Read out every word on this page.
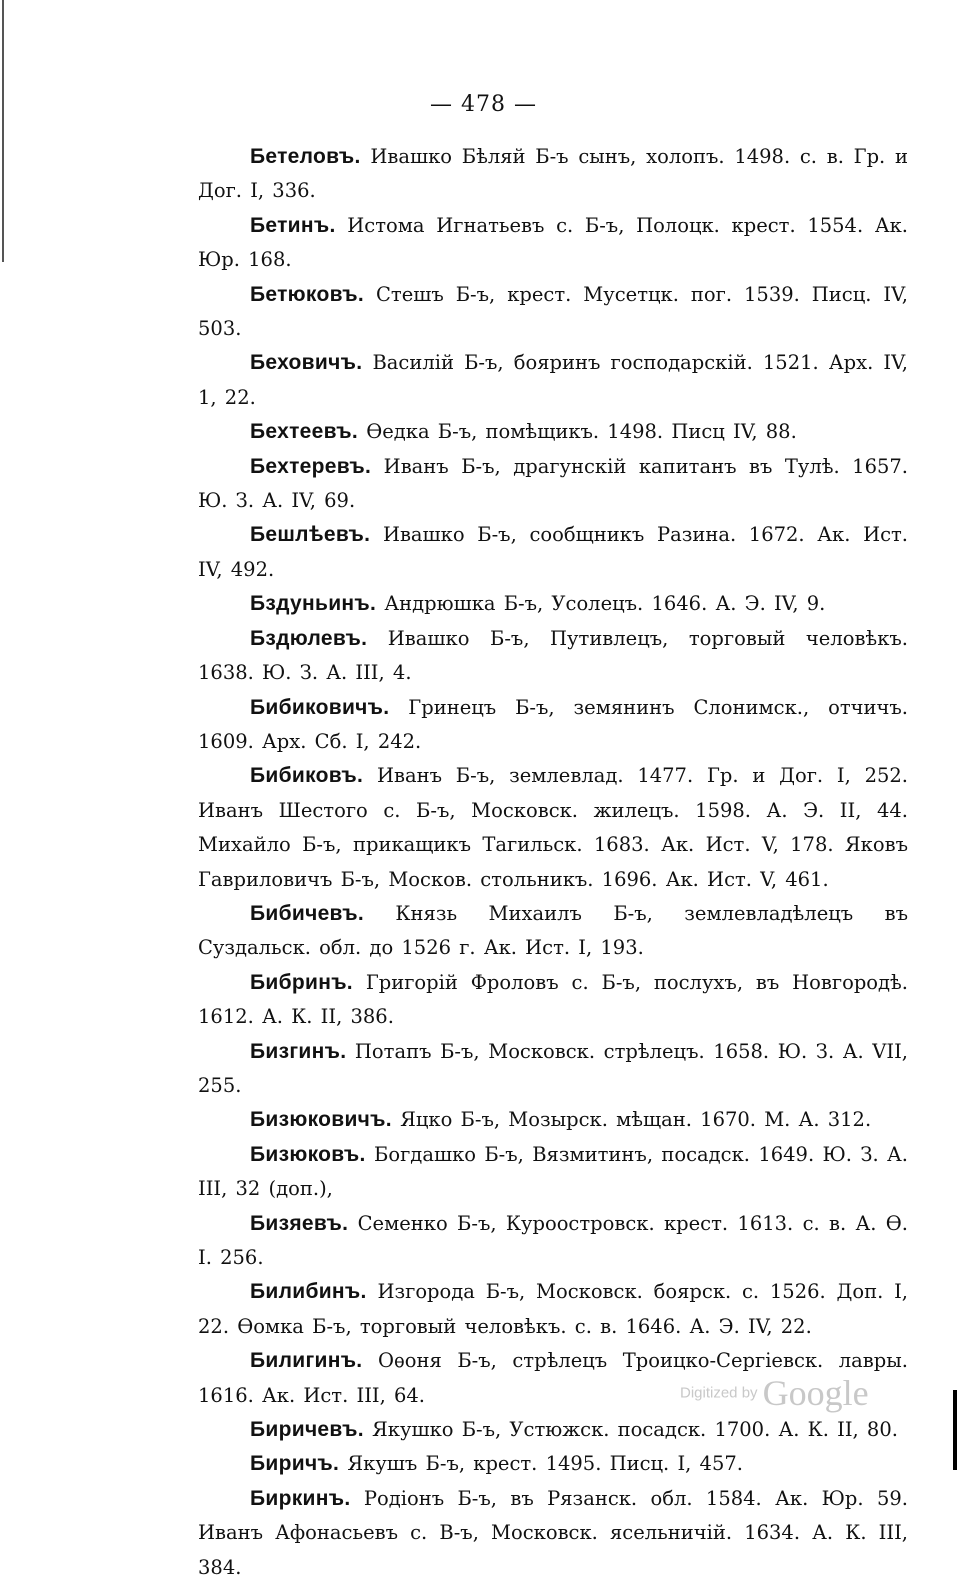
— 478 —

Бетеловъ. Ивашко Бѣляй Б-ъ сынъ, холопъ. 1498. с. в. Гр. и Дог. I, 336.

Бетинъ. Истома Игнатьевъ с. Б-ъ, Полоцк. крест. 1554. Ак. Юр. 168.

Бетюковъ. Стешъ Б-ъ, крест. Мусетцк. пог. 1539. Писц. IV, 503.

Беховичъ. Василій Б-ъ, бояринъ господарскій. 1521. Арх. IV, 1, 22.

Бехтеевъ. Ѳедка Б-ъ, помѣщикъ. 1498. Писц IV, 88.

Бехтеревъ. Иванъ Б-ъ, драгунскій капитанъ въ Тулѣ. 1657. Ю. З. А. IV, 69.

Бешлѣевъ. Ивашко Б-ъ, сообщникъ Разина. 1672. Ак. Ист. IV, 492.

Бздуньинъ. Андрюшка Б-ъ, Усолецъ. 1646. А. Э. IV, 9.

Бздюлевъ. Ивашко Б-ъ, Путивлецъ, торговый человѣкъ. 1638. Ю. З. А. III, 4.

Бибиковичъ. Гринецъ Б-ъ, земянинъ Слонимск., отчичъ. 1609. Арх. Сб. I, 242.

Бибиковъ. Иванъ Б-ъ, землевлад. 1477. Гр. и Дог. I, 252. Иванъ Шестого с. Б-ъ, Московск. жилецъ. 1598. А. Э. II, 44. Михайло Б-ъ, прикащикъ Тагильск. 1683. Ак. Ист. V, 178. Яковъ Гавриловичъ Б-ъ, Москов. стольникъ. 1696. Ак. Ист. V, 461.

Бибичевъ. Князь Михаилъ Б-ъ, землевладѣлецъ въ Суздальск. обл. до 1526 г. Ак. Ист. I, 193.

Бибринъ. Григорій Фроловъ с. Б-ъ, послухъ, въ Новгородѣ. 1612. А. К. II, 386.

Бизгинъ. Потапъ Б-ъ, Московск. стрѣлецъ. 1658. Ю. З. А. VII, 255.

Бизюковичъ. Яцко Б-ъ, Мозырск. мѣщан. 1670. М. А. 312.

Бизюковъ. Богдашко Б-ъ, Вязмитинъ, посадск. 1649. Ю. З. А. III, 32 (доп.),

Бизяевъ. Семенко Б-ъ, Куроостровск. крест. 1613. с. в. А. Ѳ. I. 256.

Билибинъ. Изгорода Б-ъ, Московск. боярск. с. 1526. Доп. I, 22. Ѳомка Б-ъ, торговый человѣкъ. с. в. 1646. А. Э. IV, 22.

Билигинъ. Оѳоня Б-ъ, стрѣлецъ Троицко-Сергіевск. лавры. 1616. Ак. Ист. III, 64.

Биричевъ. Якушко Б-ъ, Устюжск. посадск. 1700. А. К. II, 80.

Биричъ. Якушъ Б-ъ, крест. 1495. Писц. I, 457.

Биркинъ. Родіонъ Б-ъ, въ Рязанск. обл. 1584. Ак. Юр. 59. Иванъ Афонасьевъ с. В-ъ, Московск. ясельничій. 1634. А. К. III, 384.

Digitized by Google
